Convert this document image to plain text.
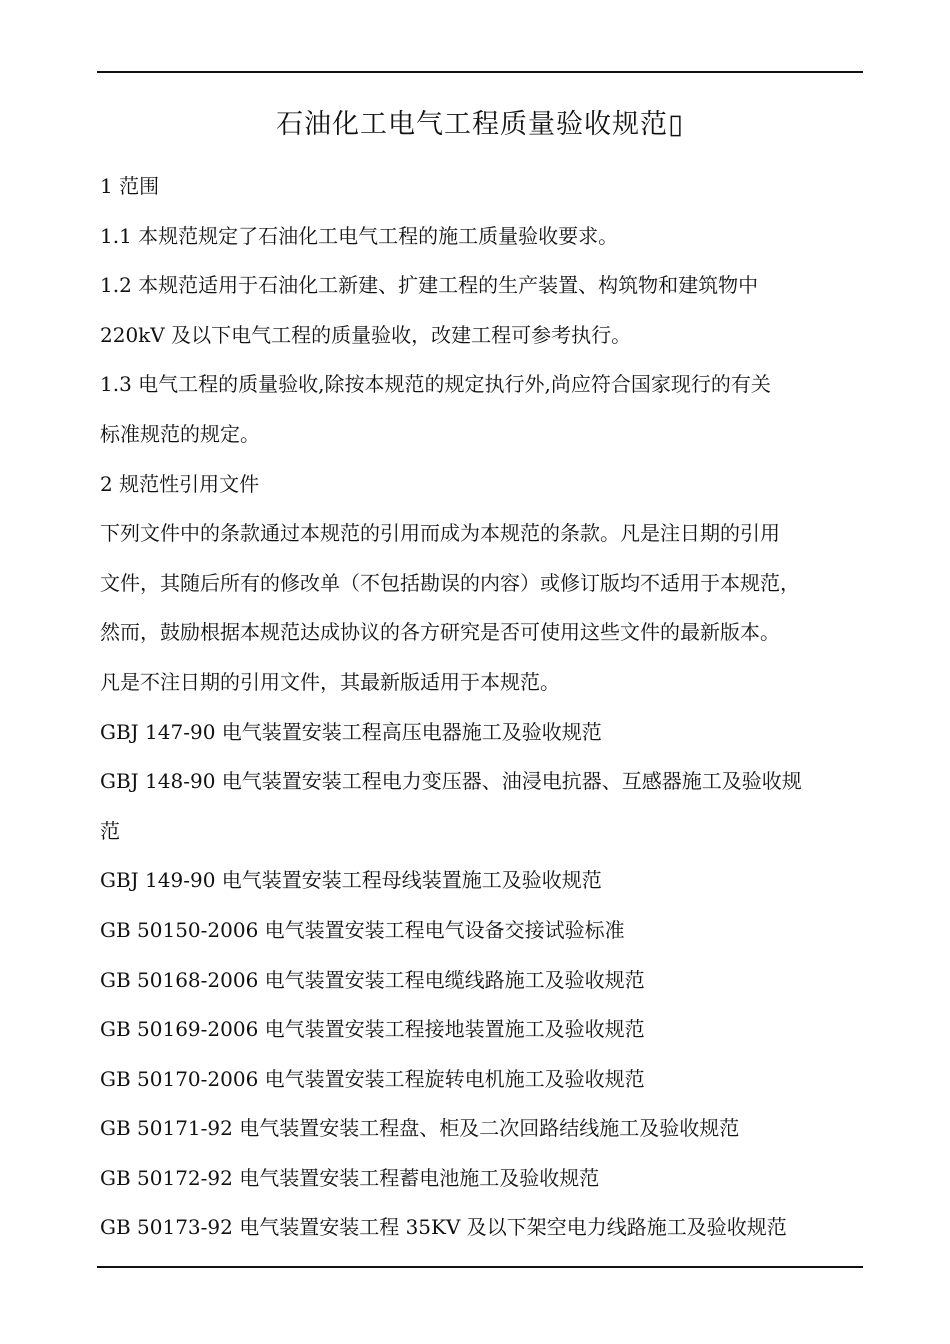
石油化工电气工程质量验收规范▯
1 范围
1.1 本规范规定了石油化工电气工程的施工质量验收要求。
1.2 本规范适用于石油化工新建、扩建工程的生产装置、构筑物和建筑物中
220kV 及以下电气工程的质量验收，改建工程可参考执行。
1.3 电气工程的质量验收,除按本规范的规定执行外,尚应符合国家现行的有关
标准规范的规定。
2 规范性引用文件
下列文件中的条款通过本规范的引用而成为本规范的条款。凡是注日期的引用
文件，其随后所有的修改单（不包括勘误的内容）或修订版均不适用于本规范，
然而，鼓励根据本规范达成协议的各方研究是否可使用这些文件的最新版本。
凡是不注日期的引用文件，其最新版适用于本规范。
GBJ 147-90 电气装置安装工程高压电器施工及验收规范
GBJ 148-90 电气装置安装工程电力变压器、油浸电抗器、互感器施工及验收规
范
GBJ 149-90 电气装置安装工程母线装置施工及验收规范
GB 50150-2006 电气装置安装工程电气设备交接试验标准
GB 50168-2006 电气装置安装工程电缆线路施工及验收规范
GB 50169-2006 电气装置安装工程接地装置施工及验收规范
GB 50170-2006 电气装置安装工程旋转电机施工及验收规范
GB 50171-92 电气装置安装工程盘、柜及二次回路结线施工及验收规范
GB 50172-92 电气装置安装工程蓄电池施工及验收规范
GB 50173-92 电气装置安装工程 35KV 及以下架空电力线路施工及验收规范
